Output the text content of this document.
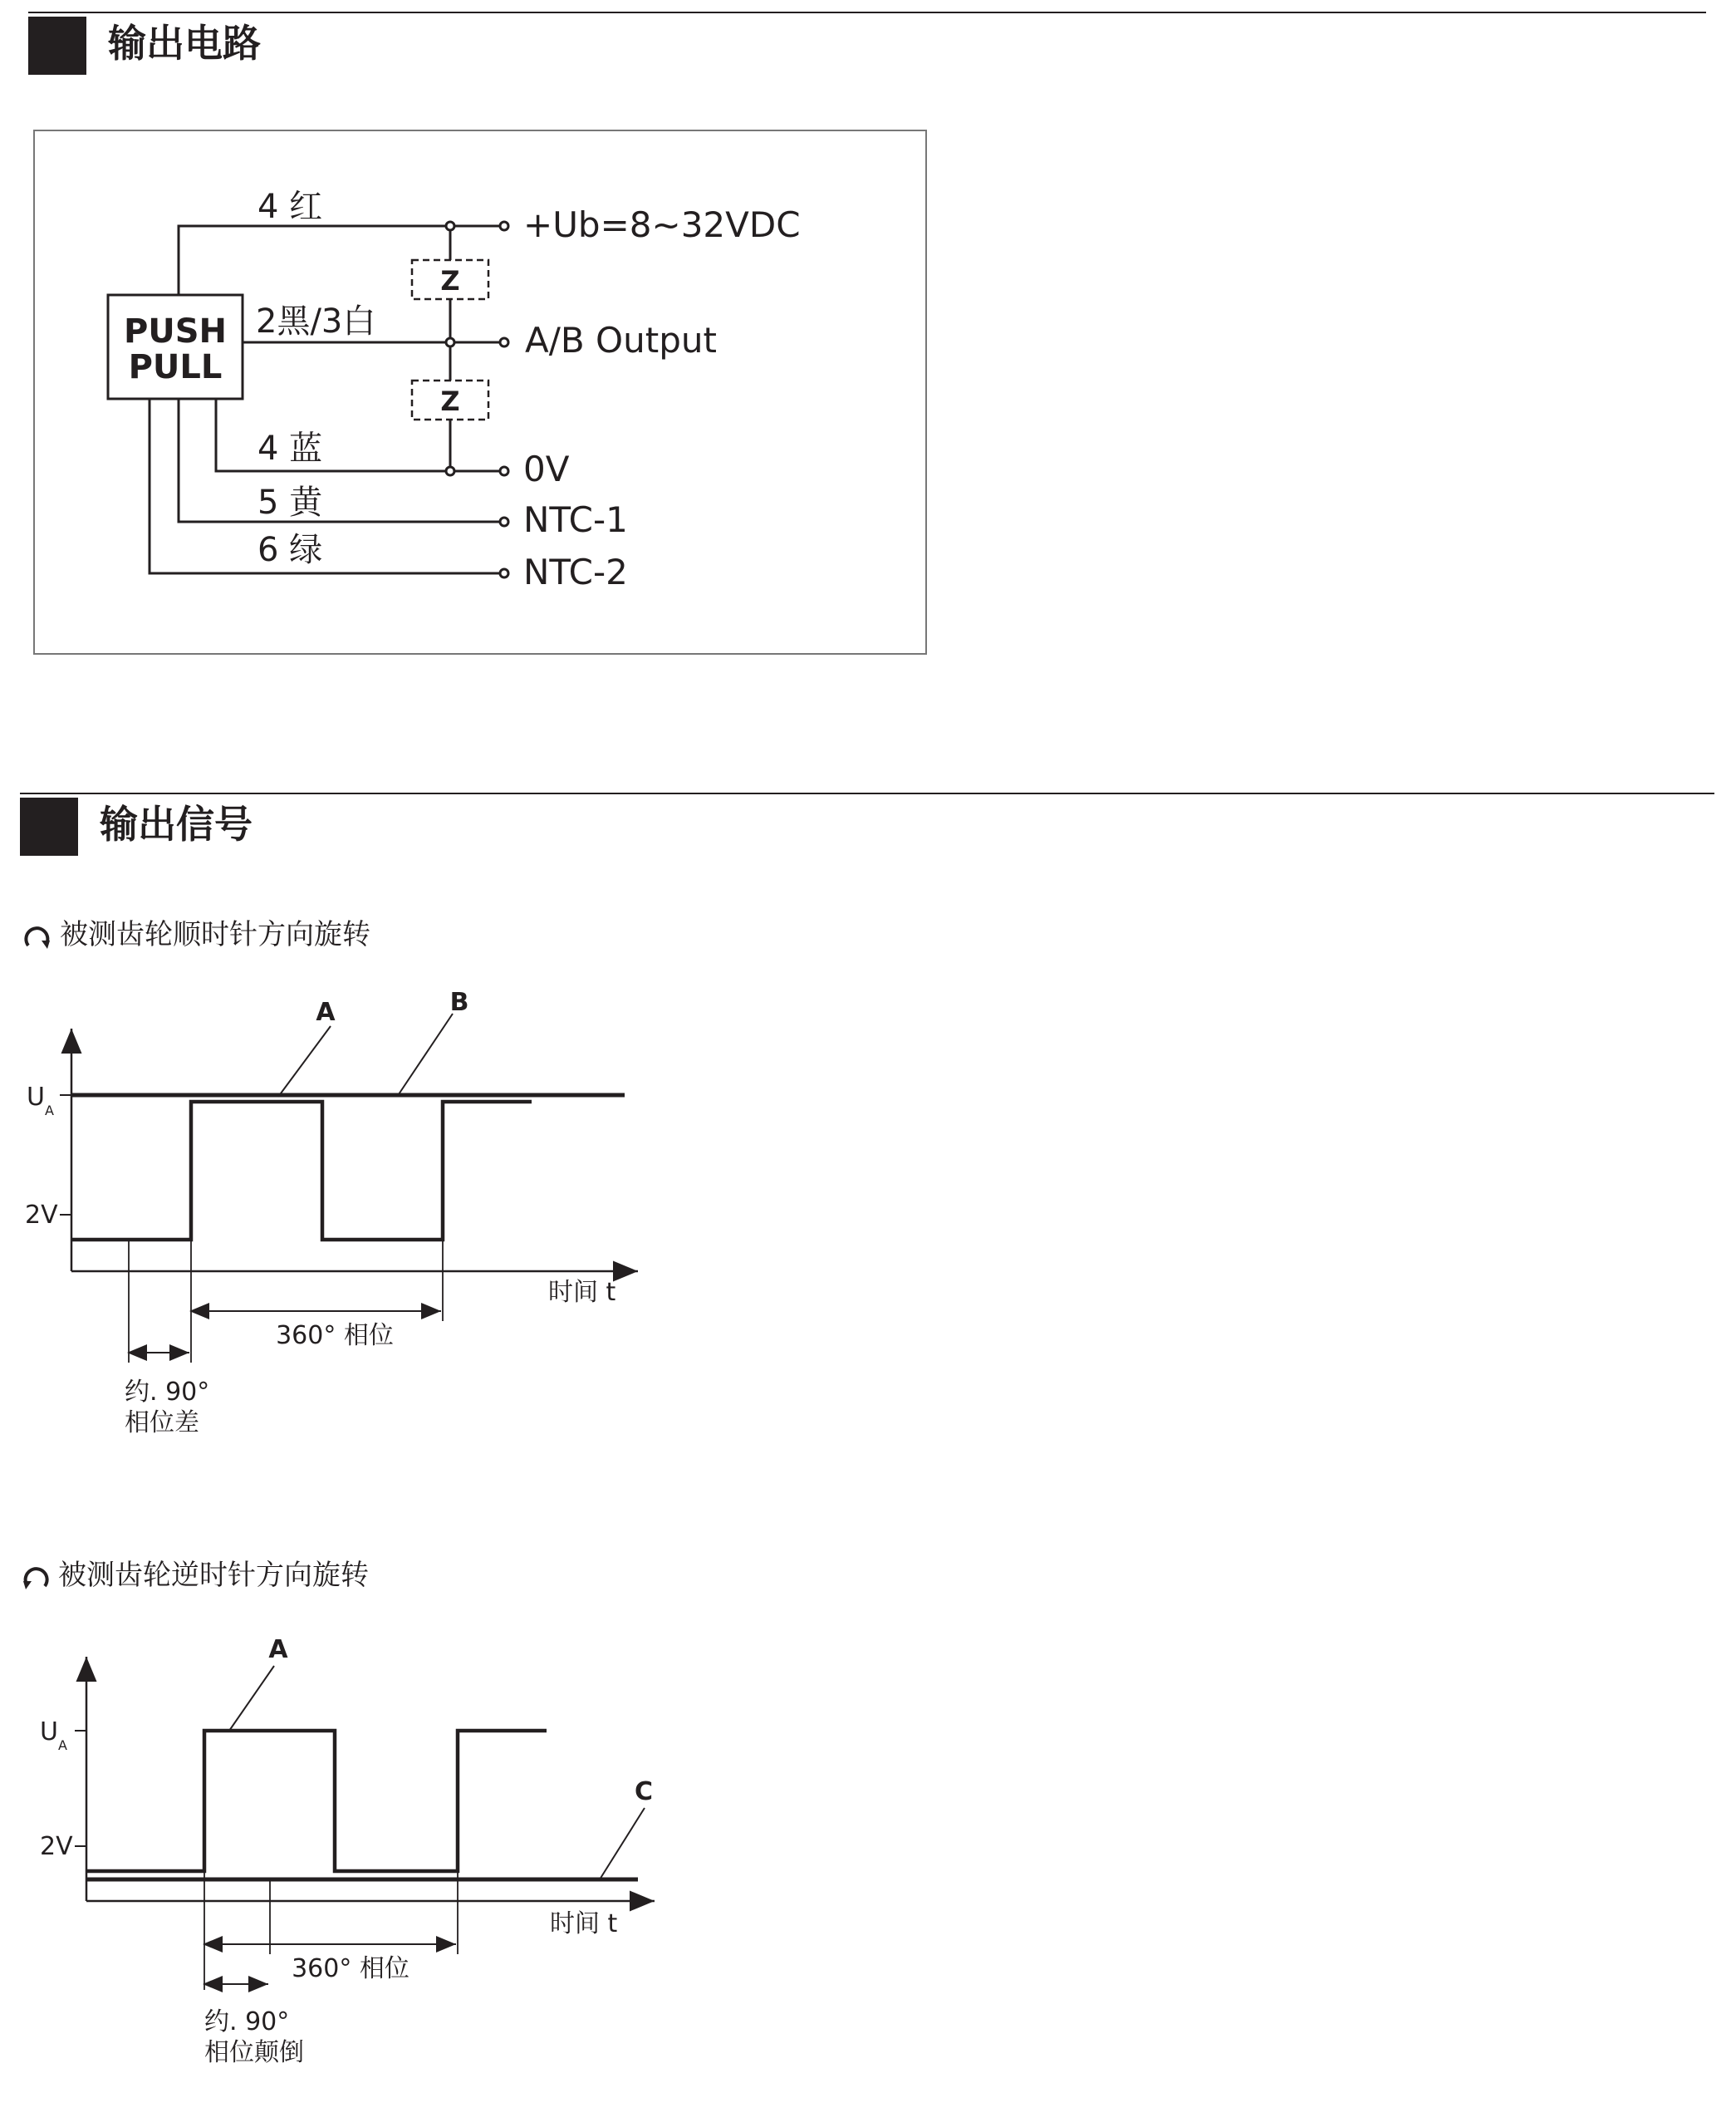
输出电路
输出信号
被测齿轮顺时针方向旋转
被测齿轮逆时针方向旋转
PUSH
PULL
4 红
2黑/3白
4 蓝
5 黄
6 绿
Z
Z
+Ub=8~32VDC
A/B Output
0V
NTC-1
NTC-2
A	B
U A
2V
时间 t
360° 相位
约. 90°
相位差
A
C
U A
2V
时间 t
360° 相位
约. 90°
相位颠倒
